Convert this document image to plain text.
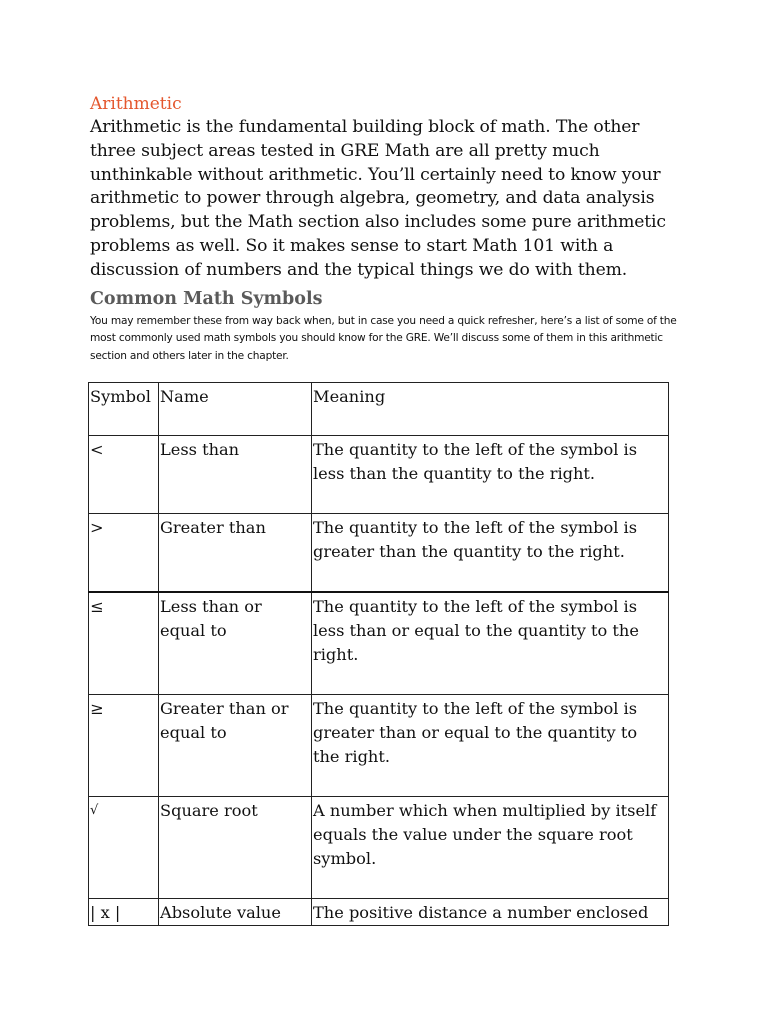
Arithmetic

Arithmetic is the fundamental building block of math. The other three subject areas tested in GRE Math are all pretty much unthinkable without arithmetic. You’ll certainly need to know your arithmetic to power through algebra, geometry, and data analysis problems, but the Math section also includes some pure arithmetic problems as well. So it makes sense to start Math 101 with a discussion of numbers and the typical things we do with them.

Common Math Symbols

You may remember these from way back when, but in case you need a quick refresher, here’s a list of some of the most commonly used math symbols you should know for the GRE. We’ll discuss some of them in this arithmetic section and others later in the chapter.

Symbol	Name	Meaning
<	Less than	The quantity to the left of the symbol is less than the quantity to the right.
>	Greater than	The quantity to the left of the symbol is greater than the quantity to the right.
≤	Less than or equal to	The quantity to the left of the symbol is less than or equal to the quantity to the right.
≥	Greater than or equal to	The quantity to the left of the symbol is greater than or equal to the quantity to the right.
√	Square root	A number which when multiplied by itself equals the value under the square root symbol.
| x |	Absolute value	The positive distance a number enclosed
